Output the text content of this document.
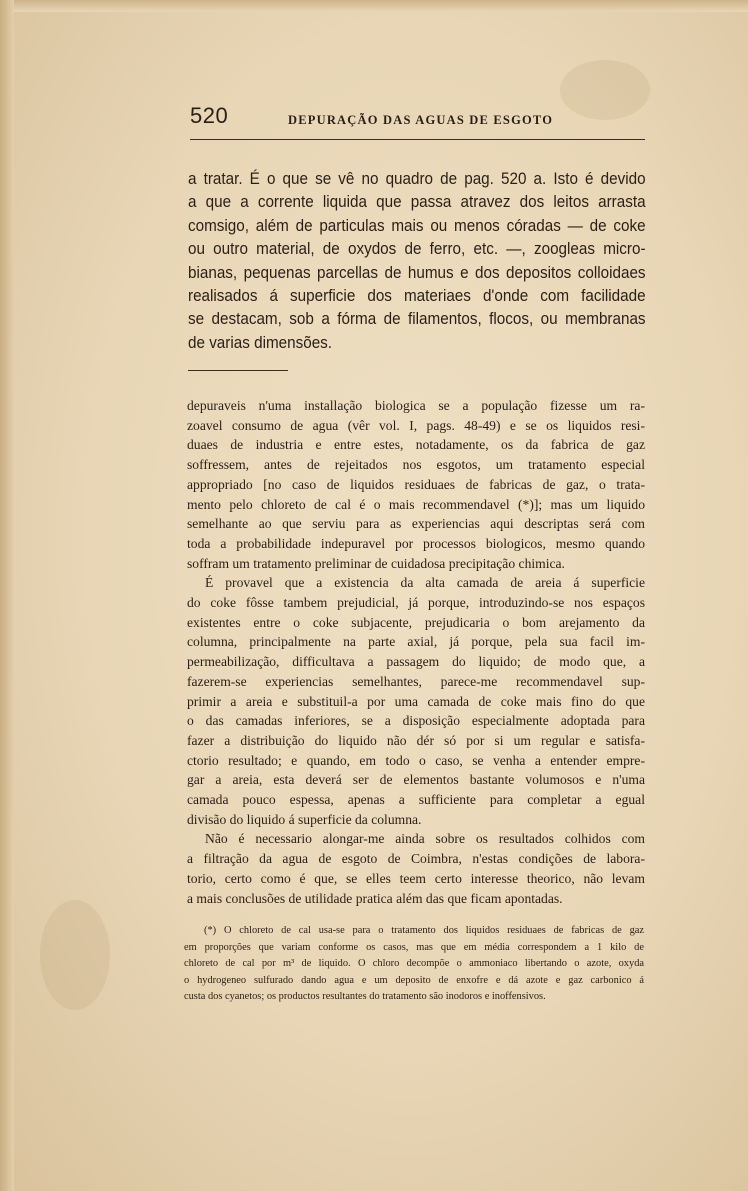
520	DEPURAÇÃO DAS AGUAS DE ESGOTO
a tratar. É o que se vê no quadro de pag. 520 a. Isto é devido
a que a corrente liquida que passa atravez dos leitos arrasta
comsigo, além de particulas mais ou menos córadas — de coke
ou outro material, de oxydos de ferro, etc. —, zoogleas micro-
bianas, pequenas parcellas de humus e dos depositos colloidaes
realisados á superficie dos materiaes d'onde com facilidade
se destacam, sob a fórma de filamentos, flocos, ou membranas
de varias dimensões.
depuraveis n'uma installação biologica se a população fizesse um ra-
zoavel consumo de agua (vêr vol. I, pags. 48-49) e se os liquidos resi-
duaes de industria e entre estes, notadamente, os da fabrica de gaz
soffressem, antes de rejeitados nos esgotos, um tratamento especial
appropriado [no caso de liquidos residuaes de fabricas de gaz, o trata-
mento pelo chloreto de cal é o mais recommendavel (*)]; mas um liquido
semelhante ao que serviu para as experiencias aqui descriptas será com
toda a probabilidade indepuravel por processos biologicos, mesmo quando
soffram um tratamento preliminar de cuidadosa precipitação chimica.
É provavel que a existencia da alta camada de areia á superficie
do coke fôsse tambem prejudicial, já porque, introduzindo-se nos espaços
existentes entre o coke subjacente, prejudicaria o bom arejamento da
columna, principalmente na parte axial, já porque, pela sua facil im-
permeabilização, difficultava a passagem do liquido; de modo que, a
fazerem-se experiencias semelhantes, parece-me recommendavel sup-
primir a areia e substituil-a por uma camada de coke mais fino do que
o das camadas inferiores, se a disposição especialmente adoptada para
fazer a distribuição do liquido não dér só por si um regular e satisfa-
ctorio resultado; e quando, em todo o caso, se venha a entender empre-
gar a areia, esta deverá ser de elementos bastante volumosos e n'uma
camada pouco espessa, apenas a sufficiente para completar a egual
divisão do liquido á superficie da columna.
Não é necessario alongar-me ainda sobre os resultados colhidos com
a filtração da agua de esgoto de Coimbra, n'estas condições de labora-
torio, certo como é que, se elles teem certo interesse theorico, não levam
a mais conclusões de utilidade pratica além das que ficam apontadas.
(*) O chloreto de cal usa-se para o tratamento dos liquidos residuaes de fabricas de gaz
em proporções que variam conforme os casos, mas que em média correspondem a 1 kilo de
chloreto de cal por m³ de liquido. O chloro decompõe o ammoniaco libertando o azote, oxyda
o hydrogeneo sulfurado dando agua e um deposito de enxofre e dá azote e gaz carbonico á
custa dos cyanetos; os productos resultantes do tratamento são inodoros e inoffensivos.
